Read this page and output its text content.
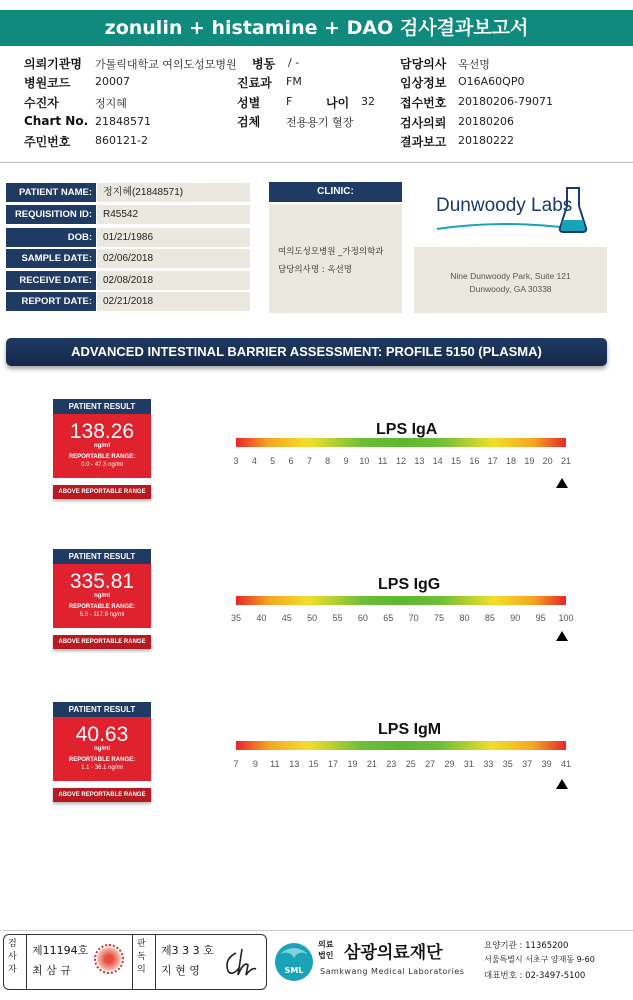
zonulin + histamine + DAO 검사결과보고서
의뢰기관명 가톨릭대학교 여의도성모병원 병동 / -	담당의사 옥선명
병원코드 20007	진료과 FM	임상정보 O16A60QP0
수진자	정지혜	성별 F	나이 32 접수번호 20180206-79071
Chart No. 21848571	검체 전용용기 혈장	검사의뢰 20180206
주민번호 860121-2	결과보고 20180222
PATIENT NAME:	정지혜(21848571)
REQUISITION ID:	R45542
DOB:	01/21/1986
SAMPLE DATE:	02/06/2018
RECEIVE DATE:	02/08/2018
REPORT DATE:	02/21/2018
CLINIC:
여의도성모병원 _가정의학과
담당의사명 : 옥선명
Dunwoody Labs
Nine Dunwoody Park, Suite 121
Dunwoody, GA 30338
ADVANCED INTESTINAL BARRIER ASSESSMENT: PROFILE 5150 (PLASMA)
PATIENT RESULT
138.26
ng/ml
REPORTABLE RANGE:
0.0 - 47.3 ng/ml
ABOVE REPORTABLE RANGE
LPS IgA
3	4	5	6	7	8	9	10 11 12 13 14 15 16 17 18 19 20 21
PATIENT RESULT
335.81
ng/ml
REPORTABLE RANGE:
5.0 - 117.9 ng/ml
ABOVE REPORTABLE RANGE
LPS IgG
35	40	45	50	55	60	65	70	75	80	85	90	95	100
PATIENT RESULT
40.63
ng/ml
REPORTABLE RANGE:
1.1 - 36.1 ng/ml
ABOVE REPORTABLE RANGE
LPS IgM
7	9	11	13	15	17	19	21	23	25	27	29	31	33	35	37	39	41
검사자
제11194호
최 삼 규
판독의
제3 3 3 호
지 현 영	SML
의료
법인 삼광의료재단
Samkwang Medical Laboratories
요양기관 : 11365200
서울특별시 서초구 양재동 9-60
대표번호 : 02-3497-5100
